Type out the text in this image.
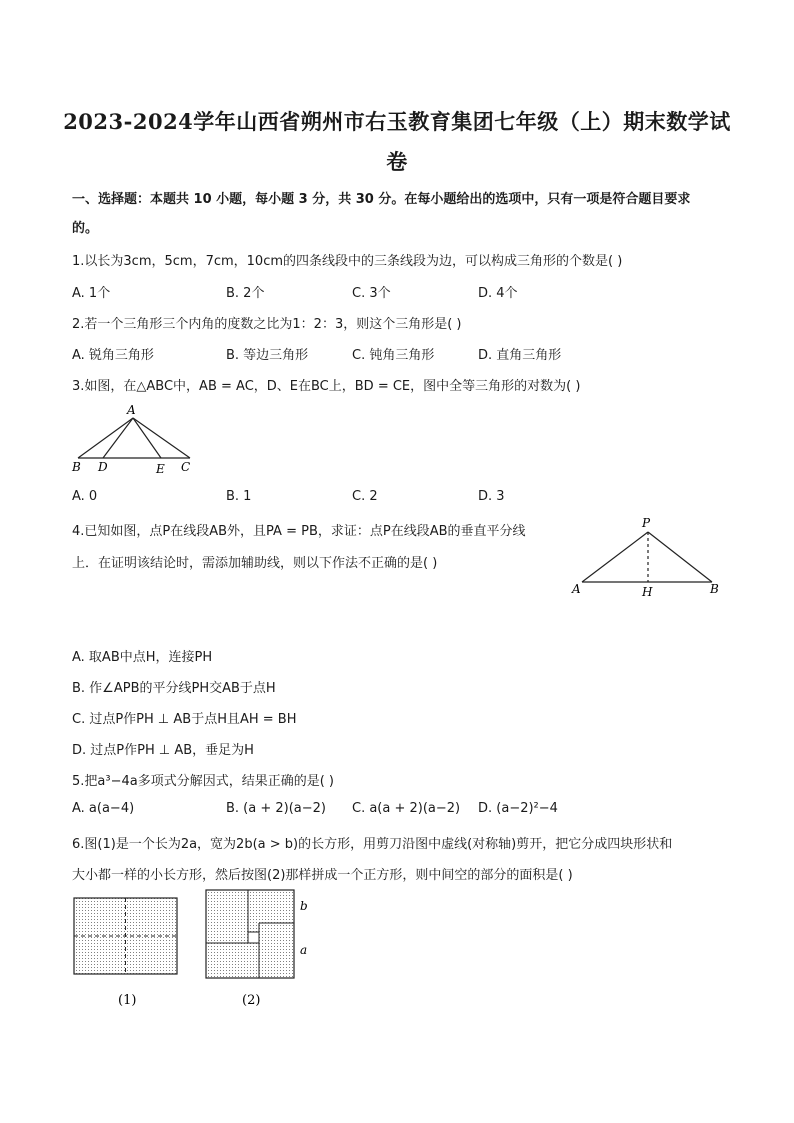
2023-2024学年山西省朔州市右玉教育集团七年级（上）期末数学试
卷
一、选择题：本题共 10 小题，每小题 3 分，共 30 分。在每小题给出的选项中，只有一项是符合题目要求
的。
1.以长为3cm，5cm，7cm，10cm的四条线段中的三条线段为边，可以构成三角形的个数是( )
A. 1个	B. 2个	C. 3个	D. 4个
2.若一个三角形三个内角的度数之比为1：2：3，则这个三角形是( )
A. 锐角三角形	B. 等边三角形	C. 钝角三角形	D. 直角三角形
3.如图，在△ABC中，AB = AC，D、E在BC上，BD = CE，图中全等三角形的对数为( )
A
B D	E C
A. 0	B. 1	C. 2	D. 3
4.已知如图，点P在线段AB外，且PA = PB，求证：点P在线段AB的垂直平分线
上．在证明该结论时，需添加辅助线，则以下作法不正确的是( )
P
A	H	B
A. 取AB中点H，连接PH
B. 作∠APB的平分线PH交AB于点H
C. 过点P作PH ⊥ AB于点H且AH = BH
D. 过点P作PH ⊥ AB，垂足为H
5.把a³−4a多项式分解因式，结果正确的是( )
A. a(a−4)	B. (a + 2)(a−2) C. a(a + 2)(a−2) D. (a−2)²−4
6.图(1)是一个长为2a，宽为2b(a > b)的长方形，用剪刀沿图中虚线(对称轴)剪开，把它分成四块形状和
大小都一样的小长方形，然后按图(2)那样拼成一个正方形，则中间空的部分的面积是( )
(1)
b
a
(2)
